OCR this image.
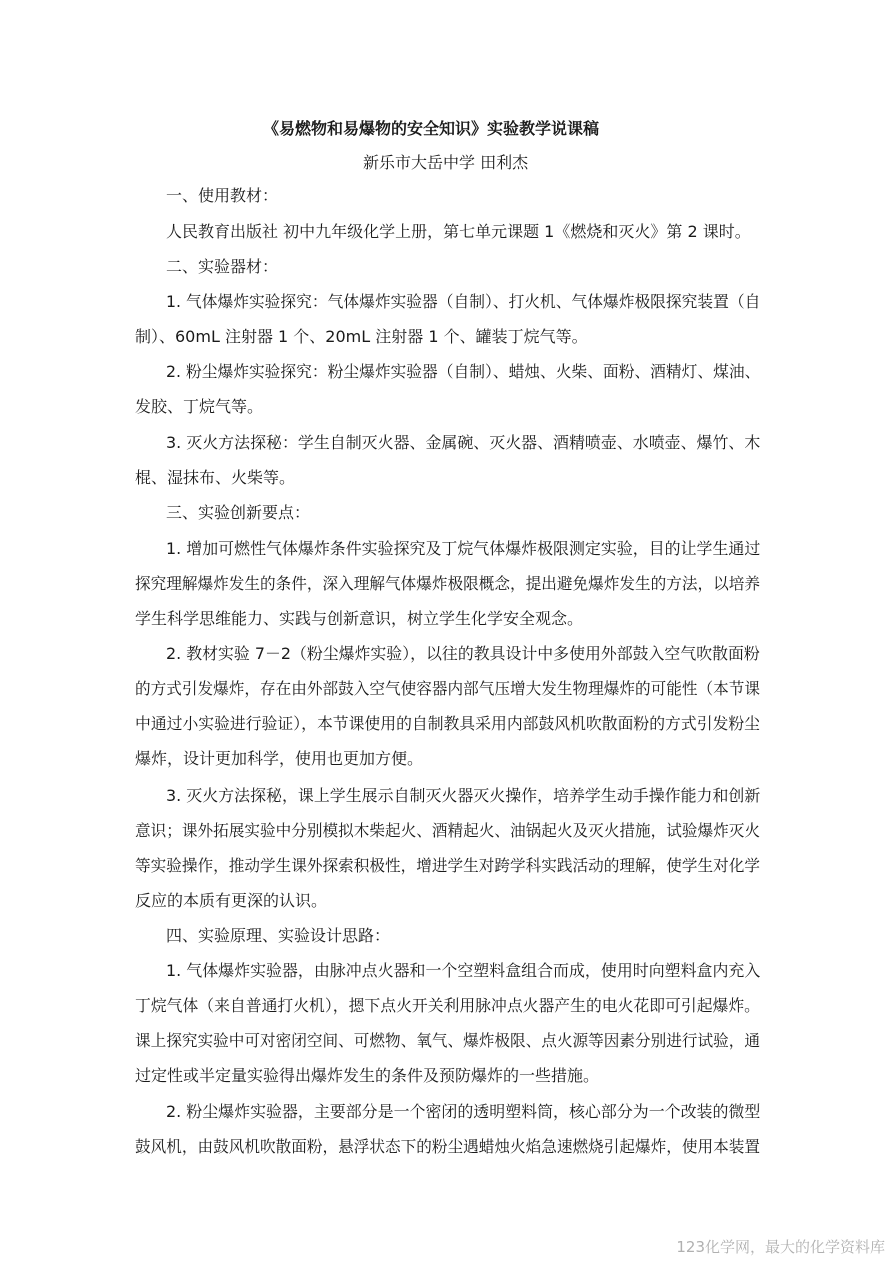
《易燃物和易爆物的安全知识》实验教学说课稿
新乐市大岳中学 田利杰
一、使用教材：
人民教育出版社 初中九年级化学上册，第七单元课题 1《燃烧和灭火》第 2 课时。
二、实验器材：
1. 气体爆炸实验探究：气体爆炸实验器（自制）、打火机、气体爆炸极限探究装置（自
制）、60mL 注射器 1 个、20mL 注射器 1 个、罐装丁烷气等。
2. 粉尘爆炸实验探究：粉尘爆炸实验器（自制）、蜡烛、火柴、面粉、酒精灯、煤油、
发胶、丁烷气等。
3. 灭火方法探秘：学生自制灭火器、金属碗、灭火器、酒精喷壶、水喷壶、爆竹、木
棍、湿抹布、火柴等。
三、实验创新要点：
1. 增加可燃性气体爆炸条件实验探究及丁烷气体爆炸极限测定实验，目的让学生通过
探究理解爆炸发生的条件，深入理解气体爆炸极限概念，提出避免爆炸发生的方法，以培养
学生科学思维能力、实践与创新意识，树立学生化学安全观念。
2. 教材实验 7－2（粉尘爆炸实验），以往的教具设计中多使用外部鼓入空气吹散面粉
的方式引发爆炸，存在由外部鼓入空气使容器内部气压增大发生物理爆炸的可能性（本节课
中通过小实验进行验证），本节课使用的自制教具采用内部鼓风机吹散面粉的方式引发粉尘
爆炸，设计更加科学，使用也更加方便。
3. 灭火方法探秘，课上学生展示自制灭火器灭火操作，培养学生动手操作能力和创新
意识；课外拓展实验中分别模拟木柴起火、酒精起火、油锅起火及灭火措施，试验爆炸灭火
等实验操作，推动学生课外探索积极性，增进学生对跨学科实践活动的理解，使学生对化学
反应的本质有更深的认识。
四、实验原理、实验设计思路：
1. 气体爆炸实验器，由脉冲点火器和一个空塑料盒组合而成，使用时向塑料盒内充入
丁烷气体（来自普通打火机），摁下点火开关利用脉冲点火器产生的电火花即可引起爆炸。
课上探究实验中可对密闭空间、可燃物、氧气、爆炸极限、点火源等因素分别进行试验，通
过定性或半定量实验得出爆炸发生的条件及预防爆炸的一些措施。
2. 粉尘爆炸实验器，主要部分是一个密闭的透明塑料筒，核心部分为一个改装的微型
鼓风机，由鼓风机吹散面粉，悬浮状态下的粉尘遇蜡烛火焰急速燃烧引起爆炸，使用本装置
123化学网，最大的化学资料库
